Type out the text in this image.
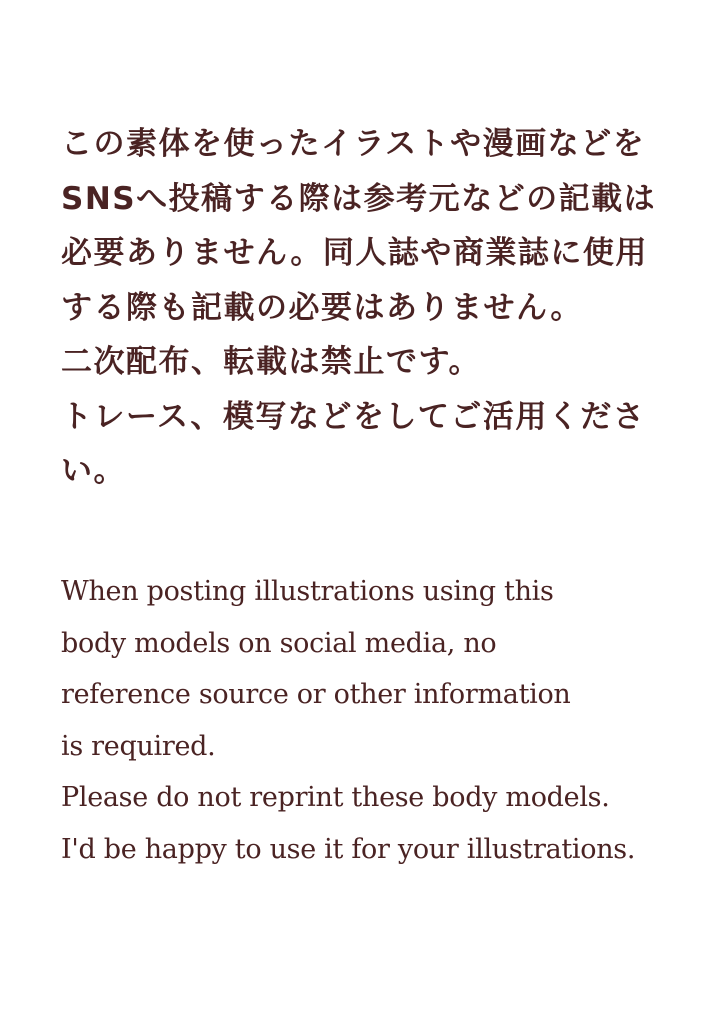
この素体を使ったイラストや漫画などを
SNSへ投稿する際は参考元などの記載は
必要ありません。同人誌や商業誌に使用
する際も記載の必要はありません。
二次配布、転載は禁止です。
トレース、模写などをしてご活用くださ
い。
When posting illustrations using this
body models on social media, no
reference source or other information
is required.
Please do not reprint these body models.
I'd be happy to use it for your illustrations.
